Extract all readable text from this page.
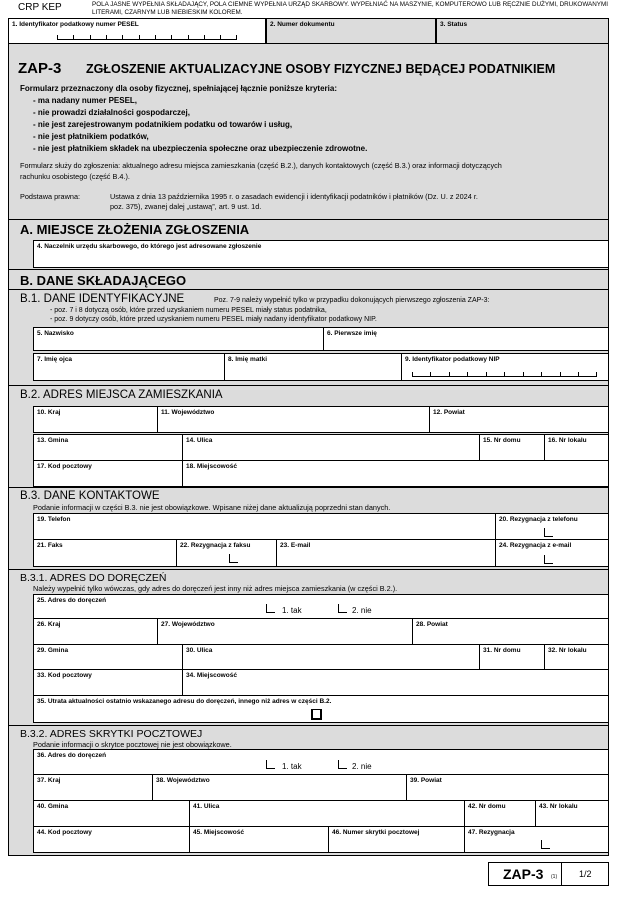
CRP KEP	POLA JASNE WYPEŁNIA SKŁADAJĄCY, POLA CIEMNE WYPEŁNIA URZĄD SKARBOWY. WYPEŁNIAĆ NA MASZYNIE, KOMPUTEROWO LUB RĘCZNIE DUŻYMI, DRUKOWANYMI LITERAMI, CZARNYM LUB NIEBIESKIM KOLOREM.
1. Identyfikator podatkowy numer PESEL	2. Numer dokumentu	3. Status
ZAP-3 ZGŁOSZENIE AKTUALIZACYJNE OSOBY FIZYCZNEJ BĘDĄCEJ PODATNIKIEM
Formularz przeznaczony dla osoby fizycznej, spełniającej łącznie poniższe kryteria:
- ma nadany numer PESEL,
- nie prowadzi działalności gospodarczej,
- nie jest zarejestrowanym podatnikiem podatku od towarów i usług,
- nie jest płatnikiem podatków,
- nie jest płatnikiem składek na ubezpieczenia społeczne oraz ubezpieczenie zdrowotne.
Formularz służy do zgłoszenia: aktualnego adresu miejsca zamieszkania (część B.2.), danych kontaktowych (część B.3.) oraz informacji dotyczących
rachunku osobistego (część B.4.).
Podstawa prawna:	Ustawa z dnia 13 października 1995 r. o zasadach ewidencji i identyfikacji podatników i płatników (Dz. U. z 2024 r.
poz. 375), zwanej dalej „ustawą”, art. 9 ust. 1d.
A. MIEJSCE ZŁOŻENIA ZGŁOSZENIA
4. Naczelnik urzędu skarbowego, do którego jest adresowane zgłoszenie
B. DANE SKŁADAJĄCEGO
B.1. DANE IDENTYFIKACYJNE	Poz. 7-9 należy wypełnić tylko w przypadku dokonujących pierwszego zgłoszenia ZAP-3:
- poz. 7 i 8 dotyczą osób, które przed uzyskaniem numeru PESEL miały status podatnika,
- poz. 9 dotyczy osób, które przed uzyskaniem numeru PESEL miały nadany identyfikator podatkowy NIP.
5. Nazwisko	6. Pierwsze imię
7. Imię ojca	8. Imię matki	9. Identyfikator podatkowy NIP
B.2. ADRES MIEJSCA ZAMIESZKANIA
10. Kraj	11. Województwo	12. Powiat
13. Gmina	14. Ulica	15. Nr domu	16. Nr lokalu
17. Kod pocztowy	18. Miejscowość
B.3. DANE KONTAKTOWE
Podanie informacji w części B.3. nie jest obowiązkowe. Wpisane niżej dane aktualizują poprzedni stan danych.
19. Telefon	20. Rezygnacja z telefonu
21. Faks	22. Rezygnacja z faksu	23. E-mail	24. Rezygnacja z e-mail
B.3.1. ADRES DO DORĘCZEŃ
Należy wypełnić tylko wówczas, gdy adres do doręczeń jest inny niż adres miejsca zamieszkania (w części B.2.).
25. Adres do doręczeń
1. tak	2. nie
26. Kraj	27. Województwo	28. Powiat
29. Gmina	30. Ulica	31. Nr domu	32. Nr lokalu
33. Kod pocztowy	34. Miejscowość
35. Utrata aktualności ostatnio wskazanego adresu do doręczeń, innego niż adres w części B.2.
B.3.2. ADRES SKRYTKI POCZTOWEJ
Podanie informacji o skrytce pocztowej nie jest obowiązkowe.
36. Adres do doręczeń
1. tak	2. nie
37. Kraj	38. Województwo	39. Powiat
40. Gmina	41. Ulica	42. Nr domu	43. Nr lokalu
44. Kod pocztowy	45. Miejscowość	46. Numer skrytki pocztowej	47. Rezygnacja
ZAP-3 (1) 1/2
